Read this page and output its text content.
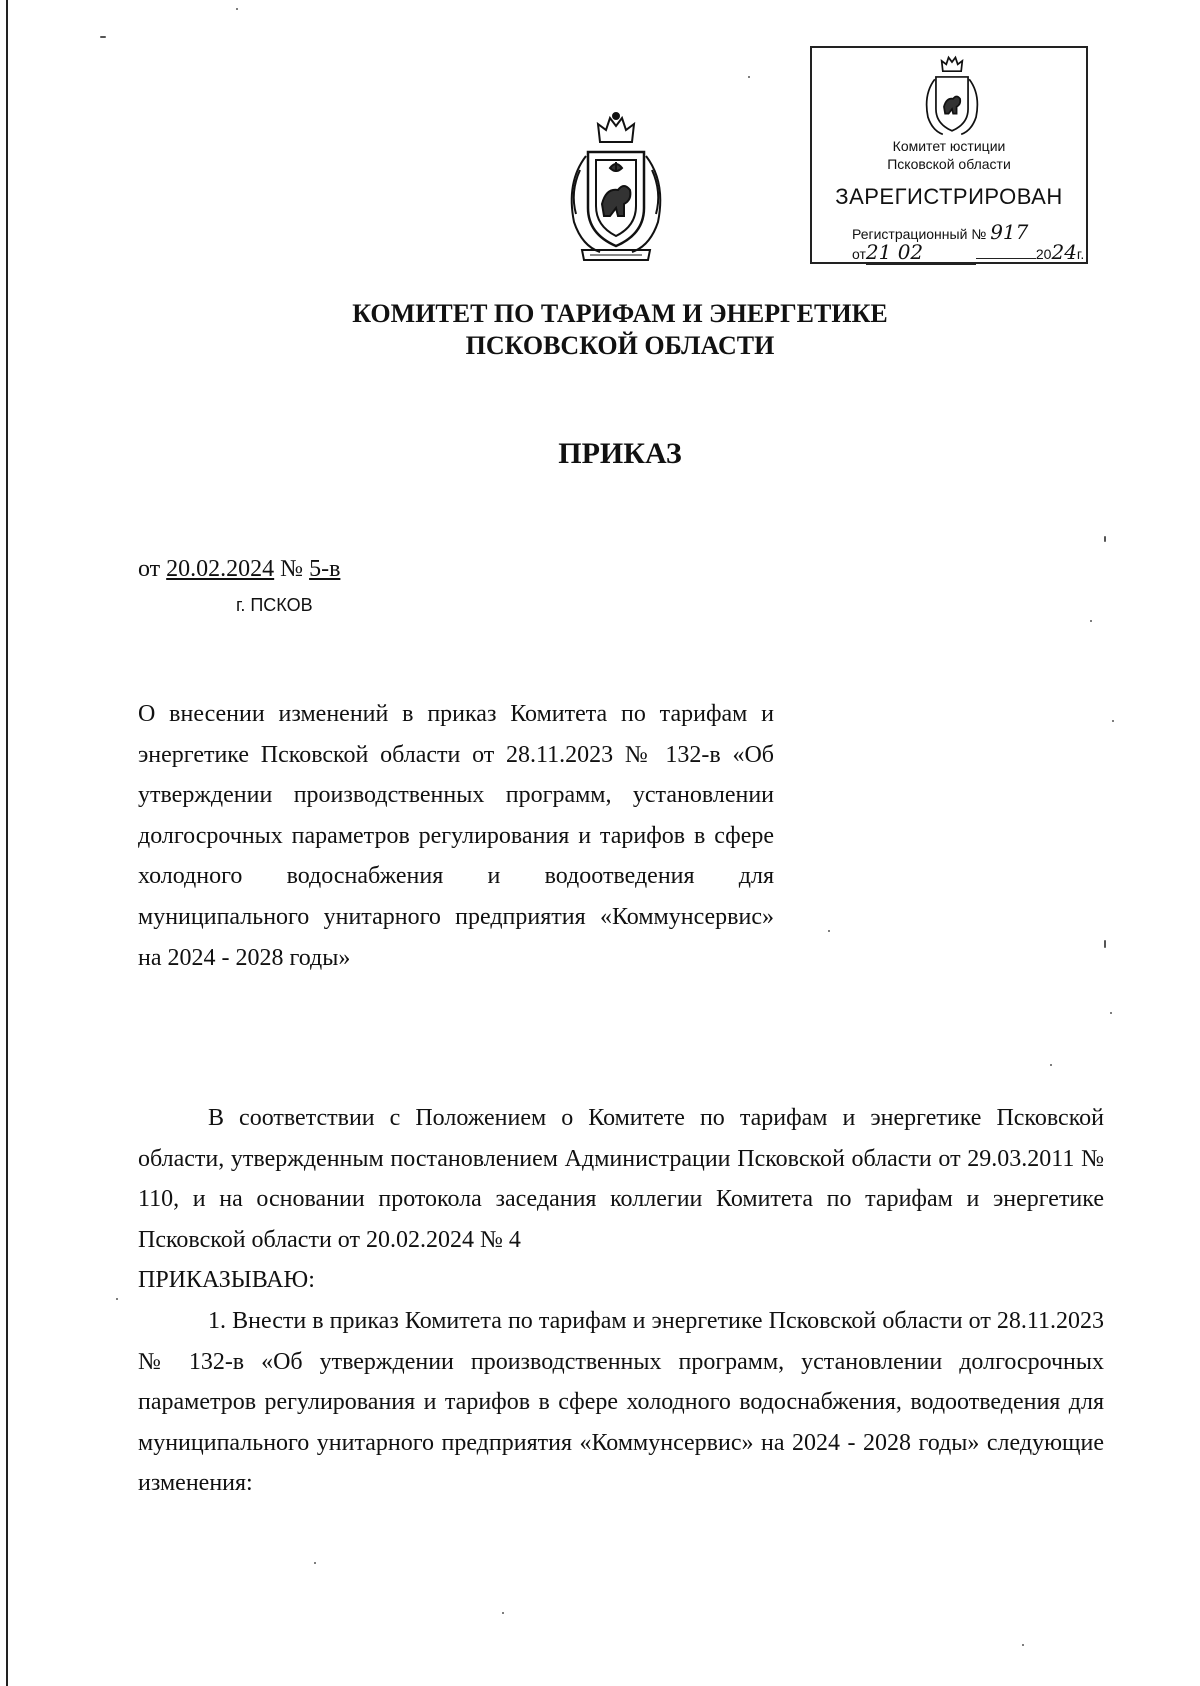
Комитет юстиции
Псковской области
ЗАРЕГИСТРИРОВАН
Регистрационный № 917
от21 02	2024г.
КОМИТЕТ ПО ТАРИФАМ И ЭНЕРГЕТИКЕ
ПСКОВСКОЙ ОБЛАСТИ
ПРИКАЗ
от 20.02.2024 № 5-в
г. ПСКОВ
О внесении изменений в приказ Комитета по тарифам и энергетике Псковской области от 28.11.2023 № 132-в «Об утверждении производственных программ, установлении долгосрочных параметров регулирования и тарифов в сфере холодного водоснабжения и водоотведения для муниципального унитарного предприятия «Коммунсервис» на 2024 - 2028 годы»

В соответствии с Положением о Комитете по тарифам и энергетике Псковской области, утвержденным постановлением Администрации Псковской области от 29.03.2011 № 110, и на основании протокола заседания коллегии Комитета по тарифам и энергетике Псковской области от 20.02.2024 № 4

ПРИКАЗЫВАЮ:

1. Внести в приказ Комитета по тарифам и энергетике Псковской области от 28.11.2023 № 132-в «Об утверждении производственных программ, установлении долгосрочных параметров регулирования и тарифов в сфере холодного водоснабжения, водоотведения для муниципального унитарного предприятия «Коммунсервис» на 2024 - 2028 годы» следующие изменения:
